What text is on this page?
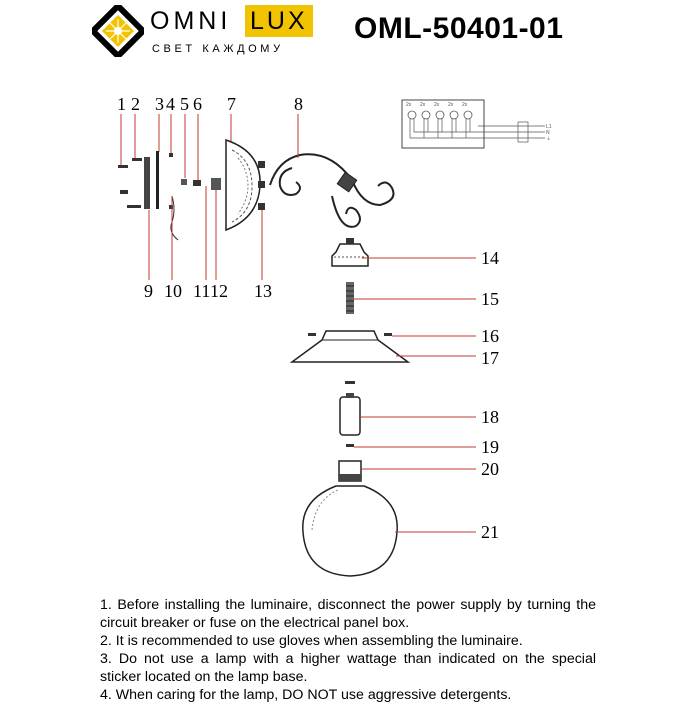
OMNI LUX
СВЕТ КАЖДОМУ
OML-50401-01
1 2 3 4 5 6 7	8
9 10 11 12 13
2x 2x 2x 2x 2x
L1
N
⏚
14
15
16
17
18
19
20
21

1. Before installing the luminaire, disconnect the power supply by turning the circuit breaker or fuse on the electrical panel box.

2. It is recommended to use gloves when assembling the luminaire.

3. Do not use a lamp with a higher wattage than indicated on the special sticker located on the lamp base.

4. When caring for the lamp, DO NOT use aggressive detergents.
